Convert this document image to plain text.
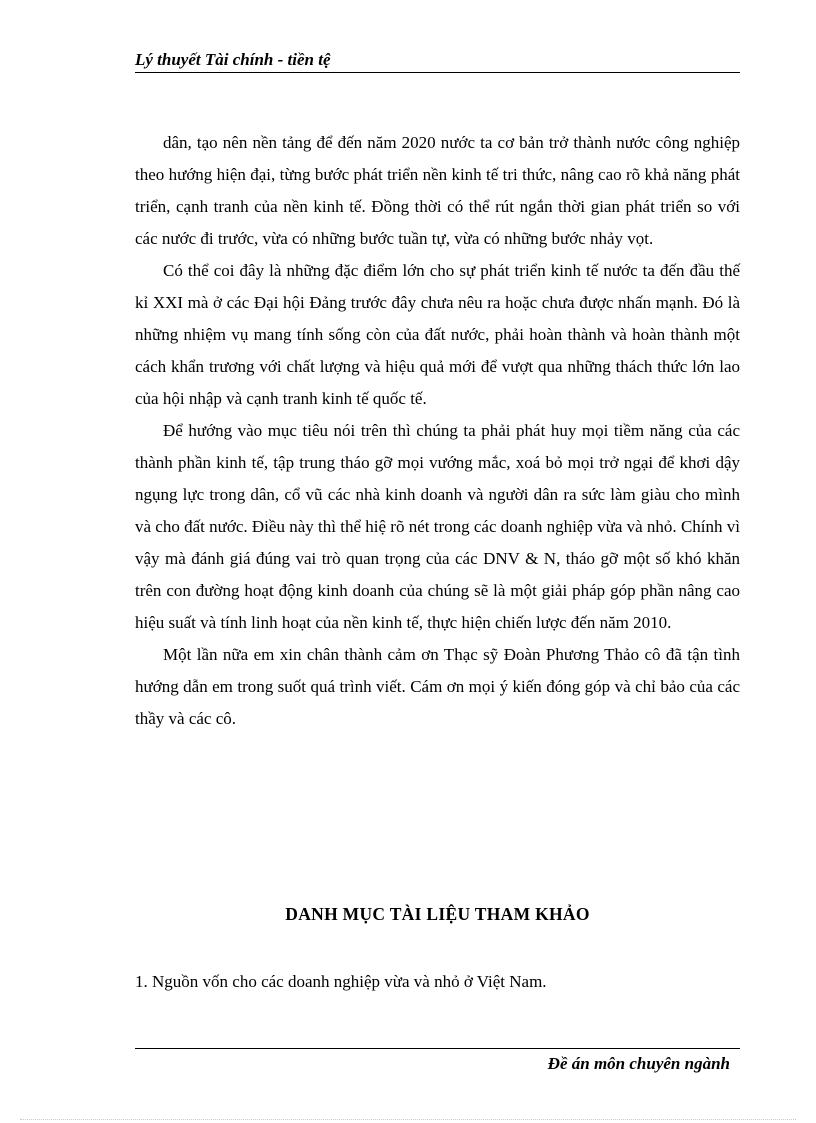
Lý thuyết Tài chính - tiền tệ

dân, tạo nên nền tảng để đến năm 2020 nước ta cơ bản trở thành nước công nghiệp theo hướng hiện đại, từng bước phát triển nền kinh tế tri thức, nâng cao rõ khả năng phát triển, cạnh tranh của nền kinh tế. Đồng thời có thể rút ngắn thời gian phát triển so với các nước đi trước, vừa có những bước tuần tự, vừa có những bước nhảy vọt.

Có thể coi đây là những đặc điểm lớn cho sự phát triển kinh tế nước ta đến đầu thế kỉ XXI mà ở các Đại hội Đảng trước đây chưa nêu ra hoặc chưa được nhấn mạnh. Đó là những nhiệm vụ mang tính sống còn của đất nước, phải hoàn thành và hoàn thành một cách khẩn trương với chất lượng và hiệu quả mới để vượt qua những thách thức lớn lao của hội nhập và cạnh tranh kinh tế quốc tế.

Để hướng vào mục tiêu nói trên thì chúng ta phải phát huy mọi tiềm năng của các thành phần kinh tế, tập trung tháo gỡ mọi vướng mắc, xoá bỏ mọi trở ngại để khơi dậy ngụng lực trong dân, cổ vũ các nhà kinh doanh và người dân ra sức làm giàu cho mình và cho đất nước. Điều này thì thể hiệ rõ nét trong các doanh nghiệp vừa và nhỏ. Chính vì vậy mà đánh giá đúng vai trò quan trọng của các DNV & N, tháo gỡ một số khó khăn trên con đường hoạt động kinh doanh của chúng sẽ là một giải pháp góp phần nâng cao hiệu suất và tính linh hoạt của nền kinh tế, thực hiện chiến lược đến năm 2010.

Một lần nữa em xin chân thành cảm ơn Thạc sỹ Đoàn Phương Thảo cô đã tận tình hướng dẫn em trong suốt quá trình viết. Cám ơn mọi ý kiến đóng góp và chỉ bảo của các thầy và các cô.

DANH MỤC TÀI LIỆU THAM KHẢO
1. Nguồn vốn cho các doanh nghiệp vừa và nhỏ ở Việt Nam.
Đề án môn chuyên ngành
